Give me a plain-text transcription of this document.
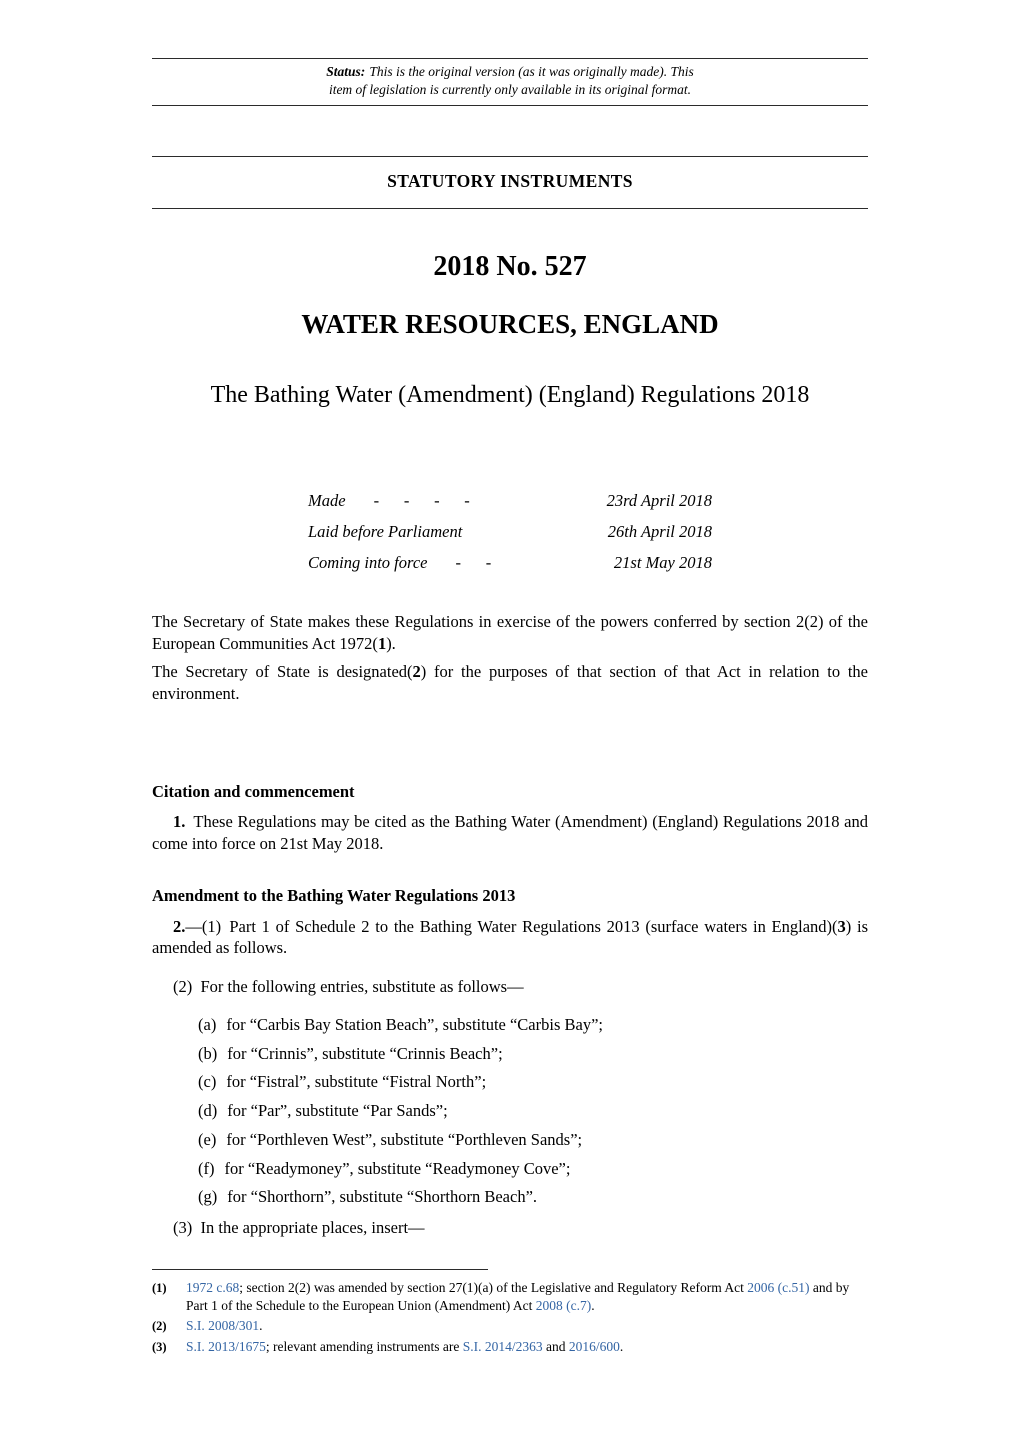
Status: This is the original version (as it was originally made). This
item of legislation is currently only available in its original format.
STATUTORY INSTRUMENTS
2018 No. 527
WATER RESOURCES, ENGLAND
The Bathing Water (Amendment) (England) Regulations 2018
Made -      -      -      -	23rd April 2018
Laid before Parliament	26th April 2018
Coming into force -      -	21st May 2018

The Secretary of State makes these Regulations in exercise of the powers conferred by section 2(2) of the European Communities Act 1972(1).

The Secretary of State is designated(2) for the purposes of that section of that Act in relation to the environment.

Citation and commencement

1. These Regulations may be cited as the Bathing Water (Amendment) (England) Regulations 2018 and come into force on 21st May 2018.

Amendment to the Bathing Water Regulations 2013

2.—(1) Part 1 of Schedule 2 to the Bathing Water Regulations 2013 (surface waters in England)(3) is amended as follows.

(2) For the following entries, substitute as follows—

(a) for “Carbis Bay Station Beach”, substitute “Carbis Bay”;
(b) for “Crinnis”, substitute “Crinnis Beach”;
(c) for “Fistral”, substitute “Fistral North”;
(d) for “Par”, substitute “Par Sands”;
(e) for “Porthleven West”, substitute “Porthleven Sands”;
(f) for “Readymoney”, substitute “Readymoney Cove”;
(g) for “Shorthorn”, substitute “Shorthorn Beach”.

(3) In the appropriate places, insert—

(1)	1972 c.68; section 2(2) was amended by section 27(1)(a) of the Legislative and Regulatory Reform Act 2006 (c.51) and by Part 1 of the Schedule to the European Union (Amendment) Act 2008 (c.7).
(2)	S.I. 2008/301.
(3)	S.I. 2013/1675; relevant amending instruments are S.I. 2014/2363 and 2016/600.
